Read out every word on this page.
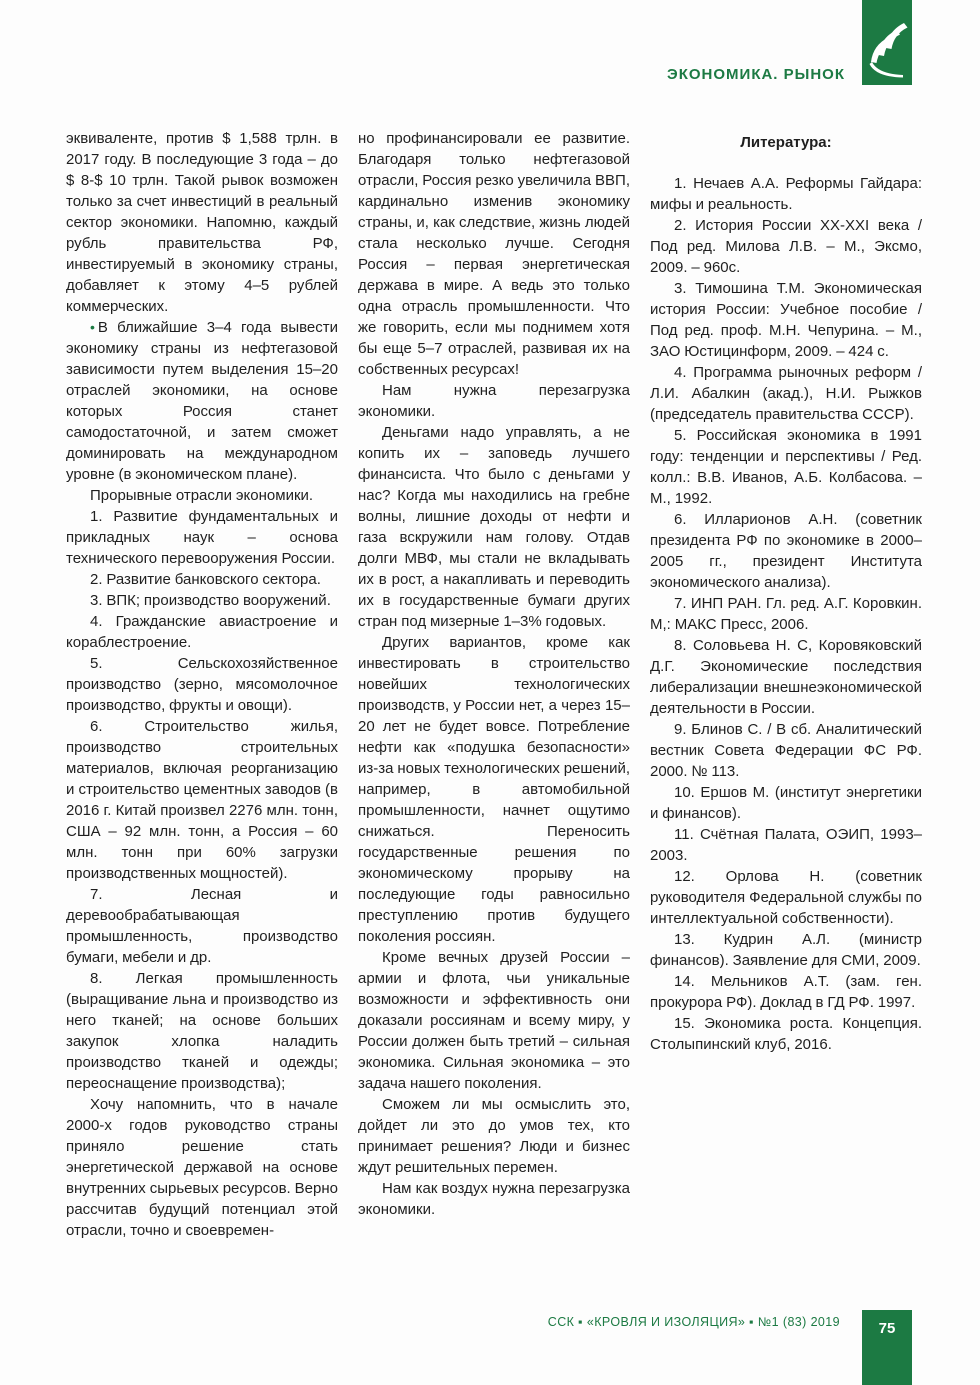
ЭКОНОМИКА. РЫНОК

эквиваленте, против $ 1,588 трлн. в 2017 году. В последующие 3 года – до $ 8-$ 10 трлн. Такой рывок возможен только за счет инвестиций в реальный сектор экономики. Напомню, каждый рубль правительства РФ, инвестируемый в экономику страны, добавляет к этому 4–5 рублей коммерческих.

• В ближайшие 3–4 года вывести экономику страны из нефтегазовой зависимости путем выделения 15–20 отраслей экономики, на основе которых Россия станет самодостаточной, и затем сможет доминировать на международном уровне (в экономическом плане).

Прорывные отрасли экономики.

1. Развитие фундаментальных и прикладных наук – основа технического перевооружения России.

2. Развитие банковского сектора.

3. ВПК; производство вооружений.

4. Гражданские авиастроение и кораблестроение.

5. Сельскохозяйственное производство (зерно, мясомолочное производство, фрукты и овощи).

6. Строительство жилья, производство строительных материалов, включая реорганизацию и строительство цементных заводов (в 2016 г. Китай произвел 2276 млн. тонн, США – 92 млн. тонн, а Россия – 60 млн. тонн при 60% загрузки производственных мощностей).

7. Лесная и деревообрабатывающая промышленность, производство бумаги, мебели и др.

8. Легкая промышленность (выращивание льна и производство из него тканей; на основе больших закупок хлопка наладить производство тканей и одежды; переоснащение производства);

Хочу напомнить, что в начале 2000-х годов руководство страны приняло решение стать энергетической державой на основе внутренних сырьевых ресурсов. Верно рассчитав будущий потенциал этой отрасли, точно и своевремен-

но профинансировали ее развитие. Благодаря только нефтегазовой отрасли, Россия резко увеличила ВВП, кардинально изменив экономику страны, и, как следствие, жизнь людей стала несколько лучше. Сегодня Россия – первая энергетическая держава в мире. А ведь это только одна отрасль промышленности. Что же говорить, если мы поднимем хотя бы еще 5–7 отраслей, развивая их на собственных ресурсах!

Нам нужна перезагрузка экономики.

Деньгами надо управлять, а не копить их – заповедь лучшего финансиста. Что было с деньгами у нас? Когда мы находились на гребне волны, лишние доходы от нефти и газа вскружили нам голову. Отдав долги МВФ, мы стали не вкладывать их в рост, а накапливать и переводить их в государственные бумаги других стран под мизерные 1–3% годовых.

Других вариантов, кроме как инвестировать в строительство новейших технологических производств, у России нет, а через 15–20 лет не будет вовсе. Потребление нефти как «подушка безопасности» из-за новых технологических решений, например, в автомобильной промышленности, начнет ощутимо снижаться. Переносить государственные решения по экономическому прорыву на последующие годы равносильно преступлению против будущего поколения россиян.

Кроме вечных друзей России – армии и флота, чьи уникальные возможности и эффективность они доказали россиянам и всему миру, у России должен быть третий – сильная экономика. Сильная экономика – это задача нашего поколения.

Сможем ли мы осмыслить это, дойдет ли это до умов тех, кто принимает решения? Люди и бизнес ждут решительных перемен.

Нам как воздух нужна перезагрузка экономики.

Литература:

1. Нечаев А.А. Реформы Гайдара: мифы и реальность.

2. История России XX-XXI века / Под ред. Милова Л.В. – М., Эксмо, 2009. – 960с.

3. Тимошина Т.М. Экономическая история России: Учебное пособие / Под ред. проф. М.Н. Чепурина. – М., ЗАО Юстицинформ, 2009. – 424 с.

4. Программа рыночных реформ / Л.И. Абалкин (акад.), Н.И. Рыжков (председатель правительства СССР).

5. Российская экономика в 1991 году: тенденции и перспективы / Ред. колл.: В.В. Иванов, А.Б. Колбасова. – М., 1992.

6. Илларионов А.Н. (советник президента РФ по экономике в 2000–2005 гг., президент Института экономического анализа).

7. ИНП РАН. Гл. ред. А.Г. Коровкин. М,: МАКС Пресс, 2006.

8. Соловьева Н. С, Коровяковский Д.Г. Экономические последствия либерализации внешнеэкономической деятельности в России.

9. Блинов С. / В сб. Аналитический вестник Совета Федерации ФС РФ. 2000. № 113.

10. Ершов М. (институт энергетики и финансов).

11. Счётная Палата, ОЭИП, 1993–2003.

12. Орлова Н. (советник руководителя Федеральной службы по интеллектуальной собственности).

13. Кудрин А.Л. (министр финансов). Заявление для СМИ, 2009.

14. Мельников А.Т. (зам. ген. прокурора РФ). Доклад в ГД РФ. 1997.

15. Экономика роста. Концепция. Столыпинский клуб, 2016.

ССК ▪ «КРОВЛЯ И ИЗОЛЯЦИЯ» ▪ №1 (83) 2019	75
